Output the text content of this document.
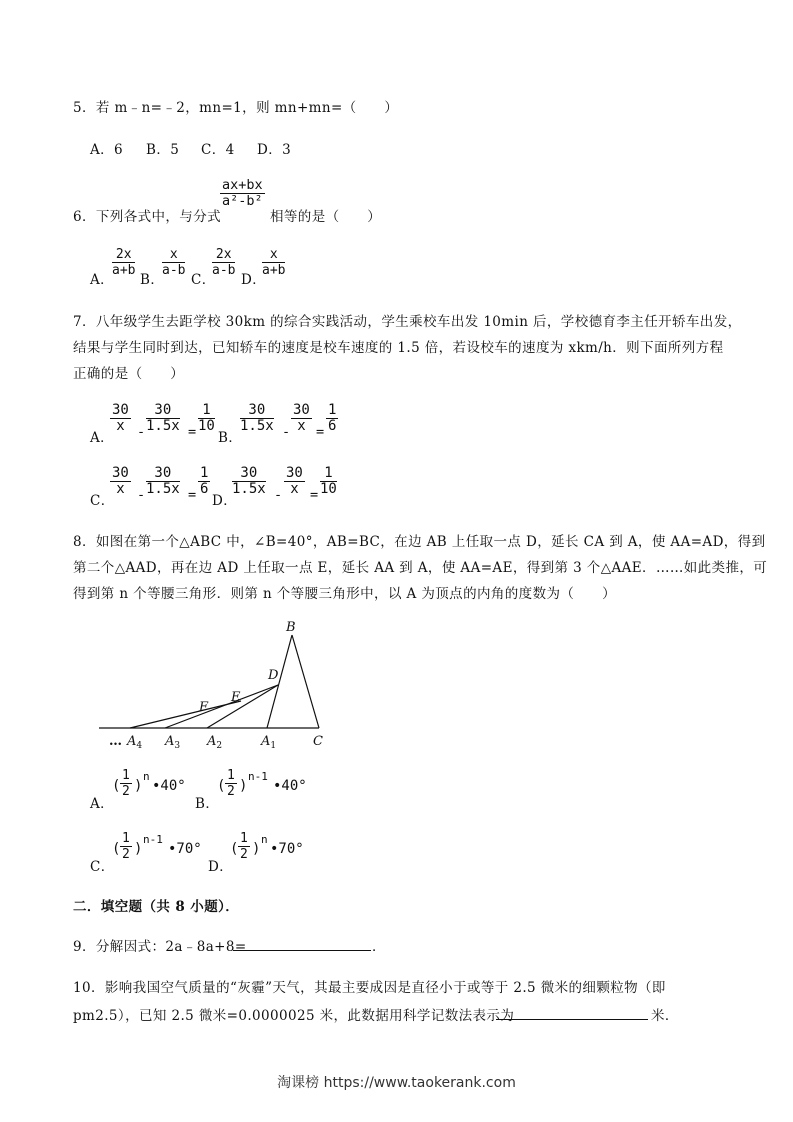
5．若 m﹣n=﹣2，mn=1，则 mn+mn=（　　）
A．6 B．5 C．4 D．3
6．下列各式中，与分式
$\frac{ax+bx}{\text{a²-b²}}$
相等的是（　　）
A．
$\frac{2x}{a+b}$
B．
$\frac{x}{a-b}$
C．
$\frac{2x}{a-b}$
D．
$\frac{x}{a+b}$
7．八年级学生去距学校 30km 的综合实践活动，学生乘校车出发 10min 后，学校德育李主任开轿车出发，
结果与学生同时到达，已知轿车的速度是校车速度的 1.5 倍，若设校车的速度为 xkm/h．则下面所列方程
正确的是（　　）
A．
$\frac{30}{x} - \frac{30}{1.5x} = \frac{1}{10}$
B．
$\frac{30}{1.5x} - \frac{30}{x} = \frac{1}{6}$
C．
$\frac{30}{x} - \frac{30}{1.5x} = \frac{1}{6}$
D．
$\frac{30}{1.5x} - \frac{30}{x} = \frac{1}{10}$
8．如图在第一个△ABC 中，∠B=40°，AB=BC，在边 AB 上任取一点 D，延长 CA 到 A，使 AA=AD，得到
第二个△AAD，再在边 AD 上任取一点 E，延长 AA 到 A，使 AA=AE，得到第 3 个△AAE．……如此类推，可
得到第 n 个等腰三角形．则第 n 个等腰三角形中，以 A 为顶点的内角的度数为（　　）
B
D
E
F
C
… $A_4$ $A_3$ $A_2$	$A_1$
A．
( $\frac{1}{2}$ )
n
•40°
B．
( $\frac{1}{2}$ )
n-1
•40°
C．
( $\frac{1}{2}$ )
n-1
•70°
D．
( $\frac{1}{2}$ )
n
•70°
二．填空题（共 8 小题）．
9．分解因式：2a﹣8a+8=	．
10．影响我国空气质量的“灰霾”天气，其最主要成因是直径小于或等于 2.5 微米的细颗粒物（即
pm2.5），已知 2.5 微米=0.0000025 米，此数据用科学记数法表示为	米．
淘课榜 https://www.taokerank.com
